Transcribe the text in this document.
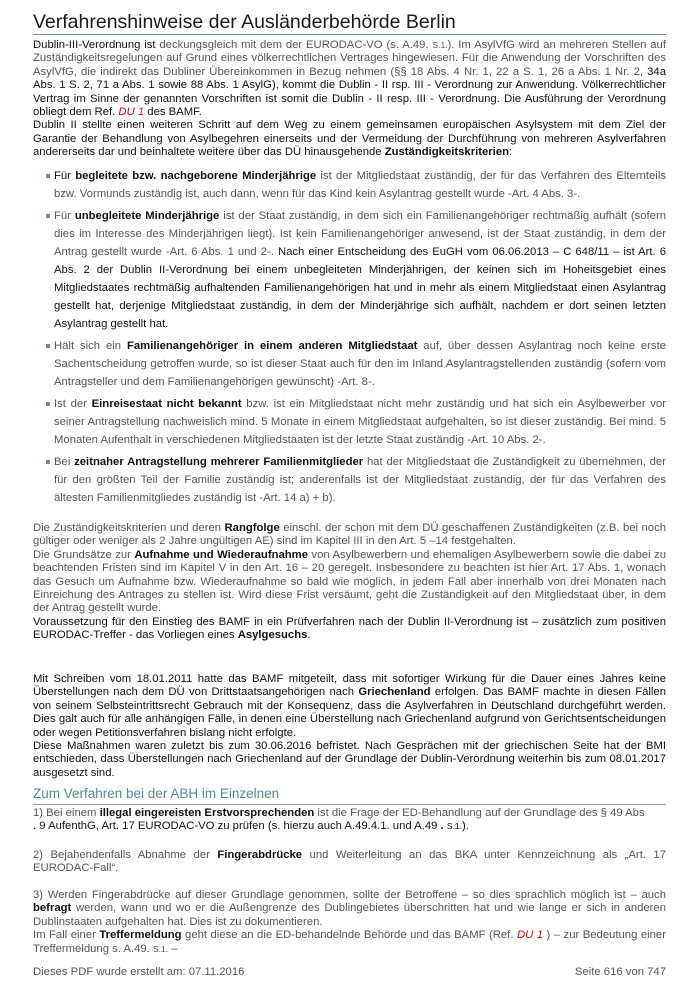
Verfahrenshinweise der Ausländerbehörde Berlin
Dublin-III-Verordnung ist deckungsgleich mit dem der EURODAC-VO (s. A.49. S.1.). Im AsylVfG wird an mehreren Stellen auf Zuständigkeitsregelungen auf Grund eines völkerrechtlichen Vertrages hingewiesen. Für die Anwendung der Vorschriften des AsylVfG, die indirekt das Dubliner Übereinkommen in Bezug nehmen (§§ 18 Abs. 4 Nr. 1, 22 a S. 1, 26 a Abs. 1 Nr. 2, 34a Abs. 1 S. 2, 71 a Abs. 1 sowie 88 Abs. 1 AsylG), kommt die Dublin - II rsp. III - Verordnung zur Anwendung. Völkerrechtlicher Vertrag im Sinne der genannten Vorschriften ist somit die Dublin - II resp. III - Verordnung. Die Ausführung der Verordnung obliegt dem Ref. DU 1 des BAMF.
Dublin II stellte einen weiteren Schritt auf dem Weg zu einem gemeinsamen europäischen Asylsystem mit dem Ziel der Garantie der Behandlung von Asylbegehren einerseits und der Vermeidung der Durchführung von mehreren Asylverfahren andererseits dar und beinhaltete weitere über das DÜ hinausgehende Zuständigkeitskriterien:
Für begleitete bzw. nachgeborene Minderjährige ist der Mitgliedstaat zuständig, der für das Verfahren des Elternteils bzw. Vormunds zuständig ist, auch dann, wenn für das Kind kein Asylantrag gestellt wurde -Art. 4 Abs. 3-.
Für unbegleitete Minderjährige ist der Staat zuständig, in dem sich ein Familienangehöriger rechtmäßig aufhält (sofern dies im Interesse des Minderjährigen liegt). Ist kein Familienangehöriger anwesend, ist der Staat zuständig, in dem der Antrag gestellt wurde -Art. 6 Abs. 1 und 2-. Nach einer Entscheidung des EuGH vom 06.06.2013 – C 648/11 – ist Art. 6 Abs. 2 der Dublin II-Verordnung bei einem unbegleiteten Minderjährigen, der keinen sich im Hoheitsgebiet eines Mitgliedstaates rechtmäßig aufhaltenden Familienangehörigen hat und in mehr als einem Mitgliedstaat einen Asylantrag gestellt hat, derjenige Mitgliedstaat zuständig, in dem der Minderjährige sich aufhält, nachdem er dort seinen letzten Asylantrag gestellt hat.
Hält sich ein Familienangehöriger in einem anderen Mitgliedstaat auf, über dessen Asylantrag noch keine erste Sachentscheidung getroffen wurde, so ist dieser Staat auch für den im Inland Asylantragstellenden zuständig (sofern vom Antragsteller und dem Familienangehörigen gewünscht) -Art. 8-.
Ist der Einreisestaat nicht bekannt bzw. ist ein Mitgliedstaat nicht mehr zuständig und hat sich ein Asylbewerber vor seiner Antragstellung nachweislich mind. 5 Monate in einem Mitgliedstaat aufgehalten, so ist dieser zuständig. Bei mind. 5 Monaten Aufenthalt in verschiedenen Mitgliedstaaten ist der letzte Staat zuständig -Art. 10 Abs. 2-.
Bei zeitnaher Antragstellung mehrerer Familienmitglieder hat der Mitgliedstaat die Zuständigkeit zu übernehmen, der für den größten Teil der Familie zuständig ist; anderenfalls ist der Mitgliedstaat zuständig, der für das Verfahren des ältesten Familienmitgliedes zuständig ist -Art. 14 a) + b).
Die Zuständigkeitskriterien und deren Rangfolge einschl. der schon mit dem DÜ geschaffenen Zuständigkeiten (z.B. bei noch gültiger oder weniger als 2 Jahre ungültigen AE) sind im Kapitel III in den Art. 5 –14 festgehalten.
Die Grundsätze zur Aufnahme und Wiederaufnahme von Asylbewerbern und ehemaligen Asylbewerbern sowie die dabei zu beachtenden Fristen sind im Kapitel V in den Art. 16 – 20 geregelt. Insbesondere zu beachten ist hier Art. 17 Abs. 1, wonach das Gesuch um Aufnahme bzw. Wiederaufnahme so bald wie möglich, in jedem Fall aber innerhalb von drei Monaten nach Einreichung des Antrages zu stellen ist. Wird diese Frist versäumt, geht die Zuständigkeit auf den Mitgliedstaat über, in dem der Antrag gestellt wurde.
Voraussetzung für den Einstieg des BAMF in ein Prüfverfahren nach der Dublin II-Verordnung ist – zusätzlich zum positiven EURODAC-Treffer - das Vorliegen eines Asylgesuchs.
Mit Schreiben vom 18.01.2011 hatte das BAMF mitgeteilt, dass mit sofortiger Wirkung für die Dauer eines Jahres keine Überstellungen nach dem DÜ von Drittstaatsangehörigen nach Griechenland erfolgen. Das BAMF machte in diesen Fällen von seinem Selbsteintrittsrecht Gebrauch mit der Konsequenz, dass die Asylverfahren in Deutschland durchgeführt werden. Dies galt auch für alle anhängigen Fälle, in denen eine Überstellung nach Griechenland aufgrund von Gerichtsentscheidungen oder wegen Petitionsverfahren bislang nicht erfolgte.
Diese Maßnahmen waren zuletzt bis zum 30.06.2016 befristet. Nach Gesprächen mit der griechischen Seite hat der BMI entschieden, dass Überstellungen nach Griechenland auf der Grundlage der Dublin-Verordnung weiterhin bis zum 08.01.2017 ausgesetzt sind.
Zum Verfahren bei der ABH im Einzelnen
1) Bei einem illegal eingereisten Erstvorsprechenden ist die Frage der ED-Behandlung auf der Grundlage des § 49 Abs
. 9 AufenthG, Art. 17 EURODAC-VO zu prüfen (s. hierzu auch A.49.4.1. und A.49 . S.1.).
2) Bejahendenfalls Abnahme der Fingerabdrücke und Weiterleitung an das BKA unter Kennzeichnung als „Art. 17 EURODAC-Fall“.
3) Werden Fingerabdrücke auf dieser Grundlage genommen, sollte der Betroffene – so dies sprachlich möglich ist – auch befragt werden, wann und wo er die Außengrenze des Dublingebietes überschritten hat und wie lange er sich in anderen Dublinstaaten aufgehalten hat. Dies ist zu dokumentieren.
Im Fall einer Treffermeldung geht diese an die ED-behandelnde Behörde und das BAMF (Ref. DU 1 ) – zur Bedeutung einer Treffermeldung s. A.49. S.1. –
Dieses PDF wurde erstellt am: 07.11.2016	Seite 616 von 747
